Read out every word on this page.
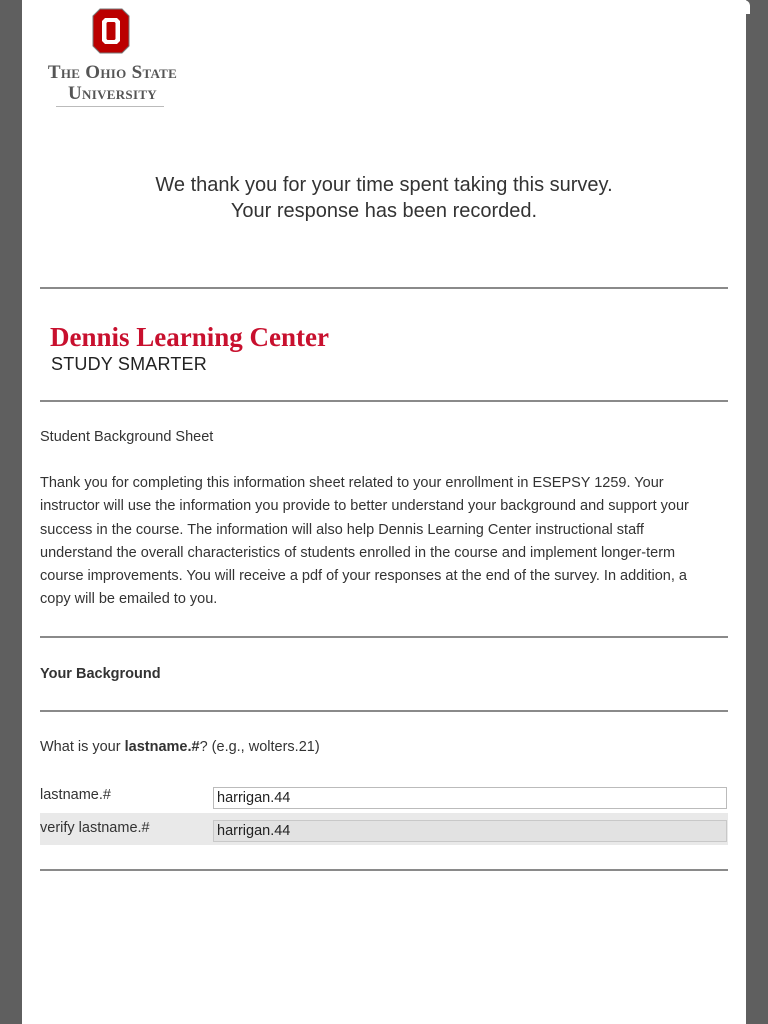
The Ohio State
University
We thank you for your time spent taking this survey.
Your response has been recorded.
Dennis Learning Center
STUDY SMARTER
Student Background Sheet
Thank you for completing this information sheet related to your enrollment in ESEPSY 1259. Your instructor will use the information you provide to better understand your background and support your success in the course. The information will also help Dennis Learning Center instructional staff understand the overall characteristics of students enrolled in the course and implement longer-term course improvements. You will receive a pdf of your responses at the end of the survey. In addition, a copy will be emailed to you.
Your Background
What is your lastname.#? (e.g., wolters.21)
lastname.#
harrigan.44
verify lastname.#
harrigan.44
